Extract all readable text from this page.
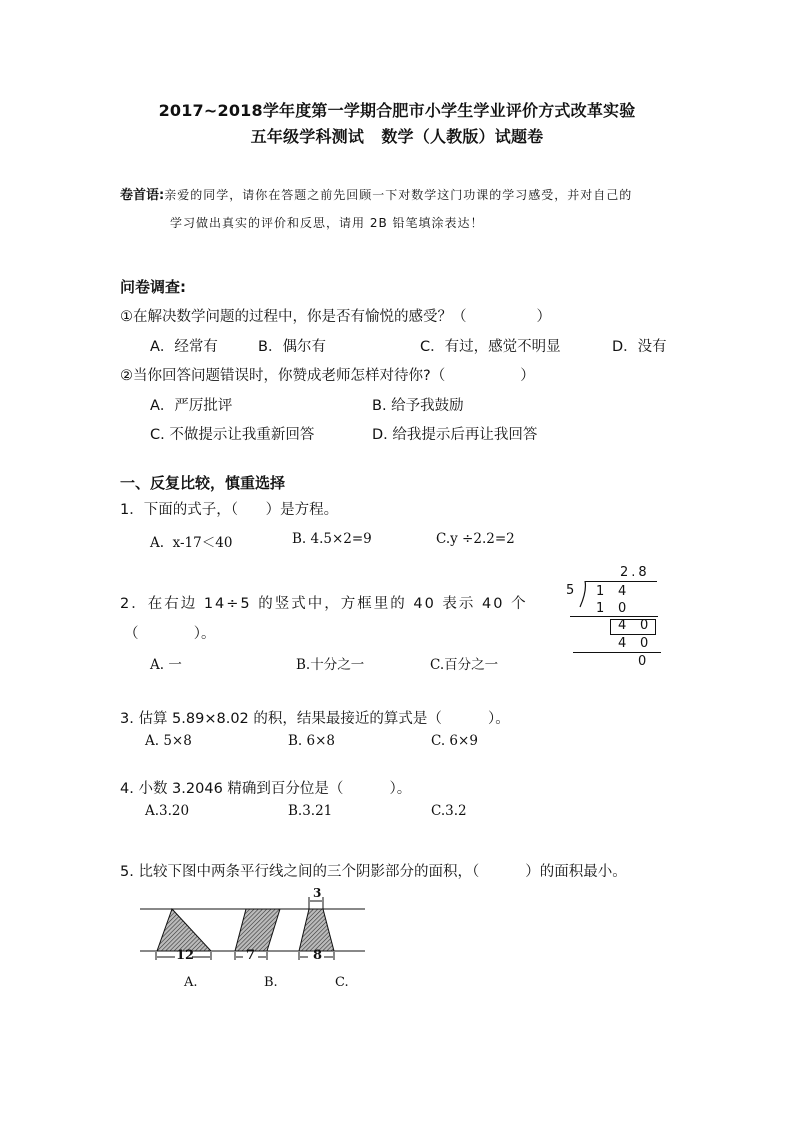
2017~2018学年度第一学期合肥市小学生学业评价方式改革实验
五年级学科测试   数学（人教版）试题卷
卷首语:亲爱的同学，请你在答题之前先回顾一下对数学这门功课的学习感受，并对自己的
学习做出真实的评价和反思，请用 2B 铅笔填涂表达！
问卷调查:
①在解决数学问题的过程中，你是否有愉悦的感受？（	）
A．经常有	B．偶尔有	C．有过，感觉不明显	D．没有
②当你回答问题错误时，你赞成老师怎样对待你?（	）
A．严厉批评	B. 给予我鼓励
C. 不做提示让我重新回答	D. 给我提示后再让我回答
一、反复比较，慎重选择
1．下面的式子，（      ）是方程。
A.  x-17＜40	B. 4.5×2=9	C.y ÷2.2=2
2．在右边 14÷5 的竖式中，方框里的 40 表示 40 个
（            ）。
A. 一	B.十分之一	C.百分之一
2.8
5 1 4
1 0
4 0
4 0
0
3. 估算 5.89×8.02 的积，结果最接近的算式是（          ）。
A. 5×8	B. 6×8	C. 6×9
4. 小数 3.2046 精确到百分位是（          ）。
A.3.20	B.3.21	C.3.2
5. 比较下图中两条平行线之间的三个阴影部分的面积，（          ）的面积最小。
12	7	8
3
A.	B.	C.
